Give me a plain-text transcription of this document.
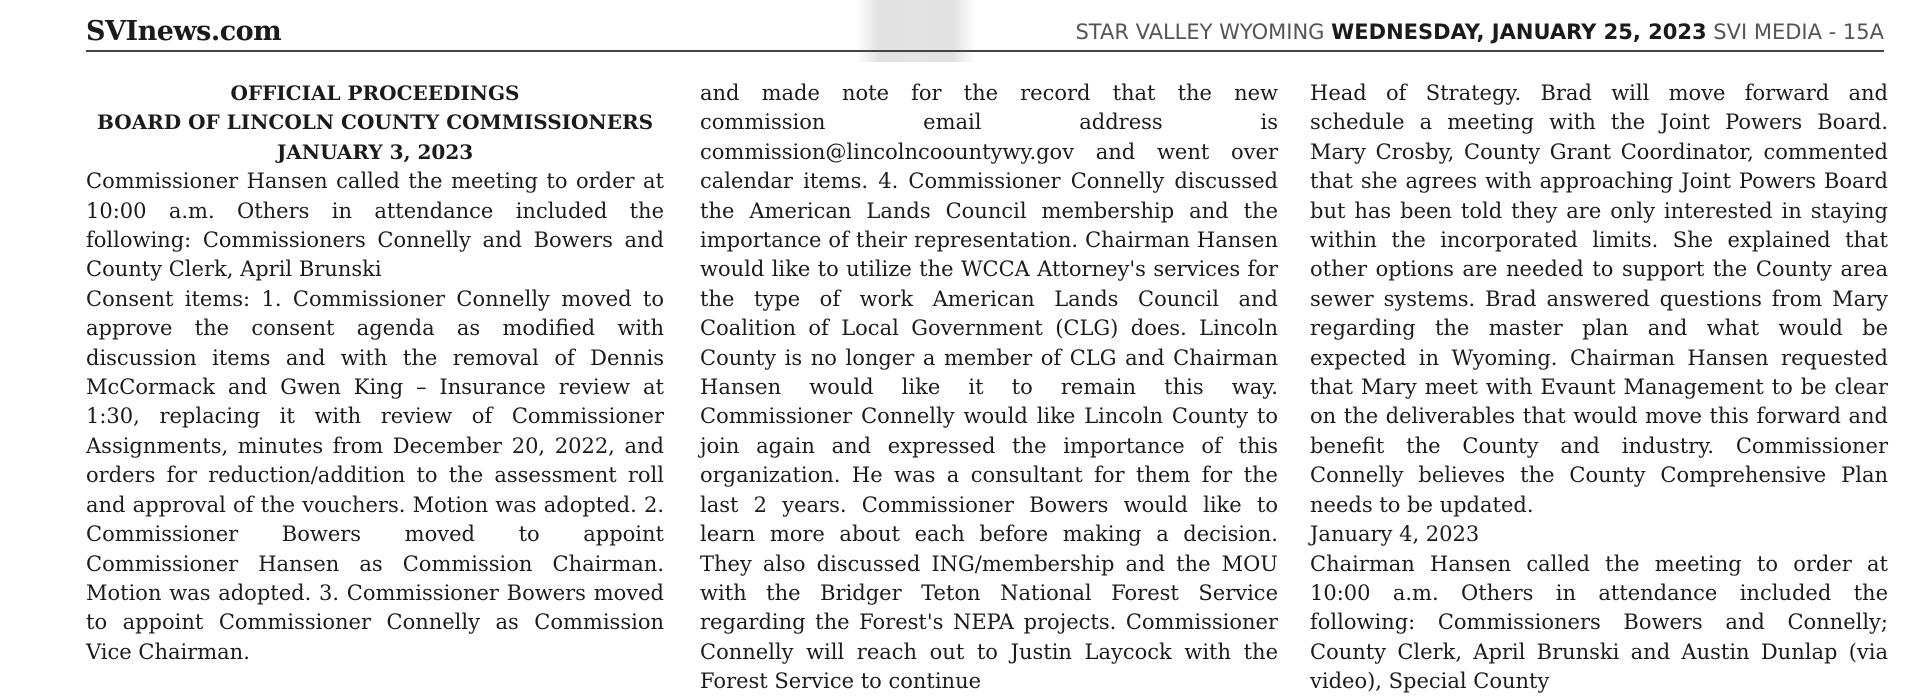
SVInews.com	STAR VALLEY WYOMING WEDNESDAY, JANUARY 25, 2023 SVI MEDIA - 15A

OFFICIAL PROCEEDINGS

BOARD OF LINCOLN COUNTY COMMISSIONERS

JANUARY 3, 2023

Commissioner Hansen called the meeting to order at 10:00 a.m. Others in attendance included the following: Commissioners Connelly and Bowers and County Clerk, April Brunski

Consent items: 1. Commissioner Connelly moved to approve the consent agenda as modified with discussion items and with the removal of Dennis McCormack and Gwen King – Insurance review at 1:30, replacing it with review of Commissioner Assignments, minutes from December 20, 2022, and orders for reduction/addition to the assessment roll and approval of the vouchers. Motion was adopted. 2. Commissioner Bowers moved to appoint Commissioner Hansen as Commission Chairman. Motion was adopted. 3. Commissioner Bowers moved to appoint Commissioner Connelly as Commission Vice Chairman.

and made note for the record that the new commission email address is commission@lincolncoountywy.gov and went over calendar items. 4. Commissioner Connelly discussed the American Lands Council membership and the importance of their representation. Chairman Hansen would like to utilize the WCCA Attorney's services for the type of work American Lands Council and Coalition of Local Government (CLG) does. Lincoln County is no longer a member of CLG and Chairman Hansen would like it to remain this way. Commissioner Connelly would like Lincoln County to join again and expressed the importance of this organization. He was a consultant for them for the last 2 years. Commissioner Bowers would like to learn more about each before making a decision. They also discussed ING/membership and the MOU with the Bridger Teton National Forest Service regarding the Forest's NEPA projects. Commissioner Connelly will reach out to Justin Laycock with the Forest Service to continue

Head of Strategy. Brad will move forward and schedule a meeting with the Joint Powers Board. Mary Crosby, County Grant Coordinator, commented that she agrees with approaching Joint Powers Board but has been told they are only interested in staying within the incorporated limits. She explained that other options are needed to support the County area sewer systems. Brad answered questions from Mary regarding the master plan and what would be expected in Wyoming. Chairman Hansen requested that Mary meet with Evaunt Management to be clear on the deliverables that would move this forward and benefit the County and industry. Commissioner Connelly believes the County Comprehensive Plan needs to be updated.

January 4, 2023

Chairman Hansen called the meeting to order at 10:00 a.m. Others in attendance included the following: Commissioners Bowers and Connelly; County Clerk, April Brunski and Austin Dunlap (via video), Special County
